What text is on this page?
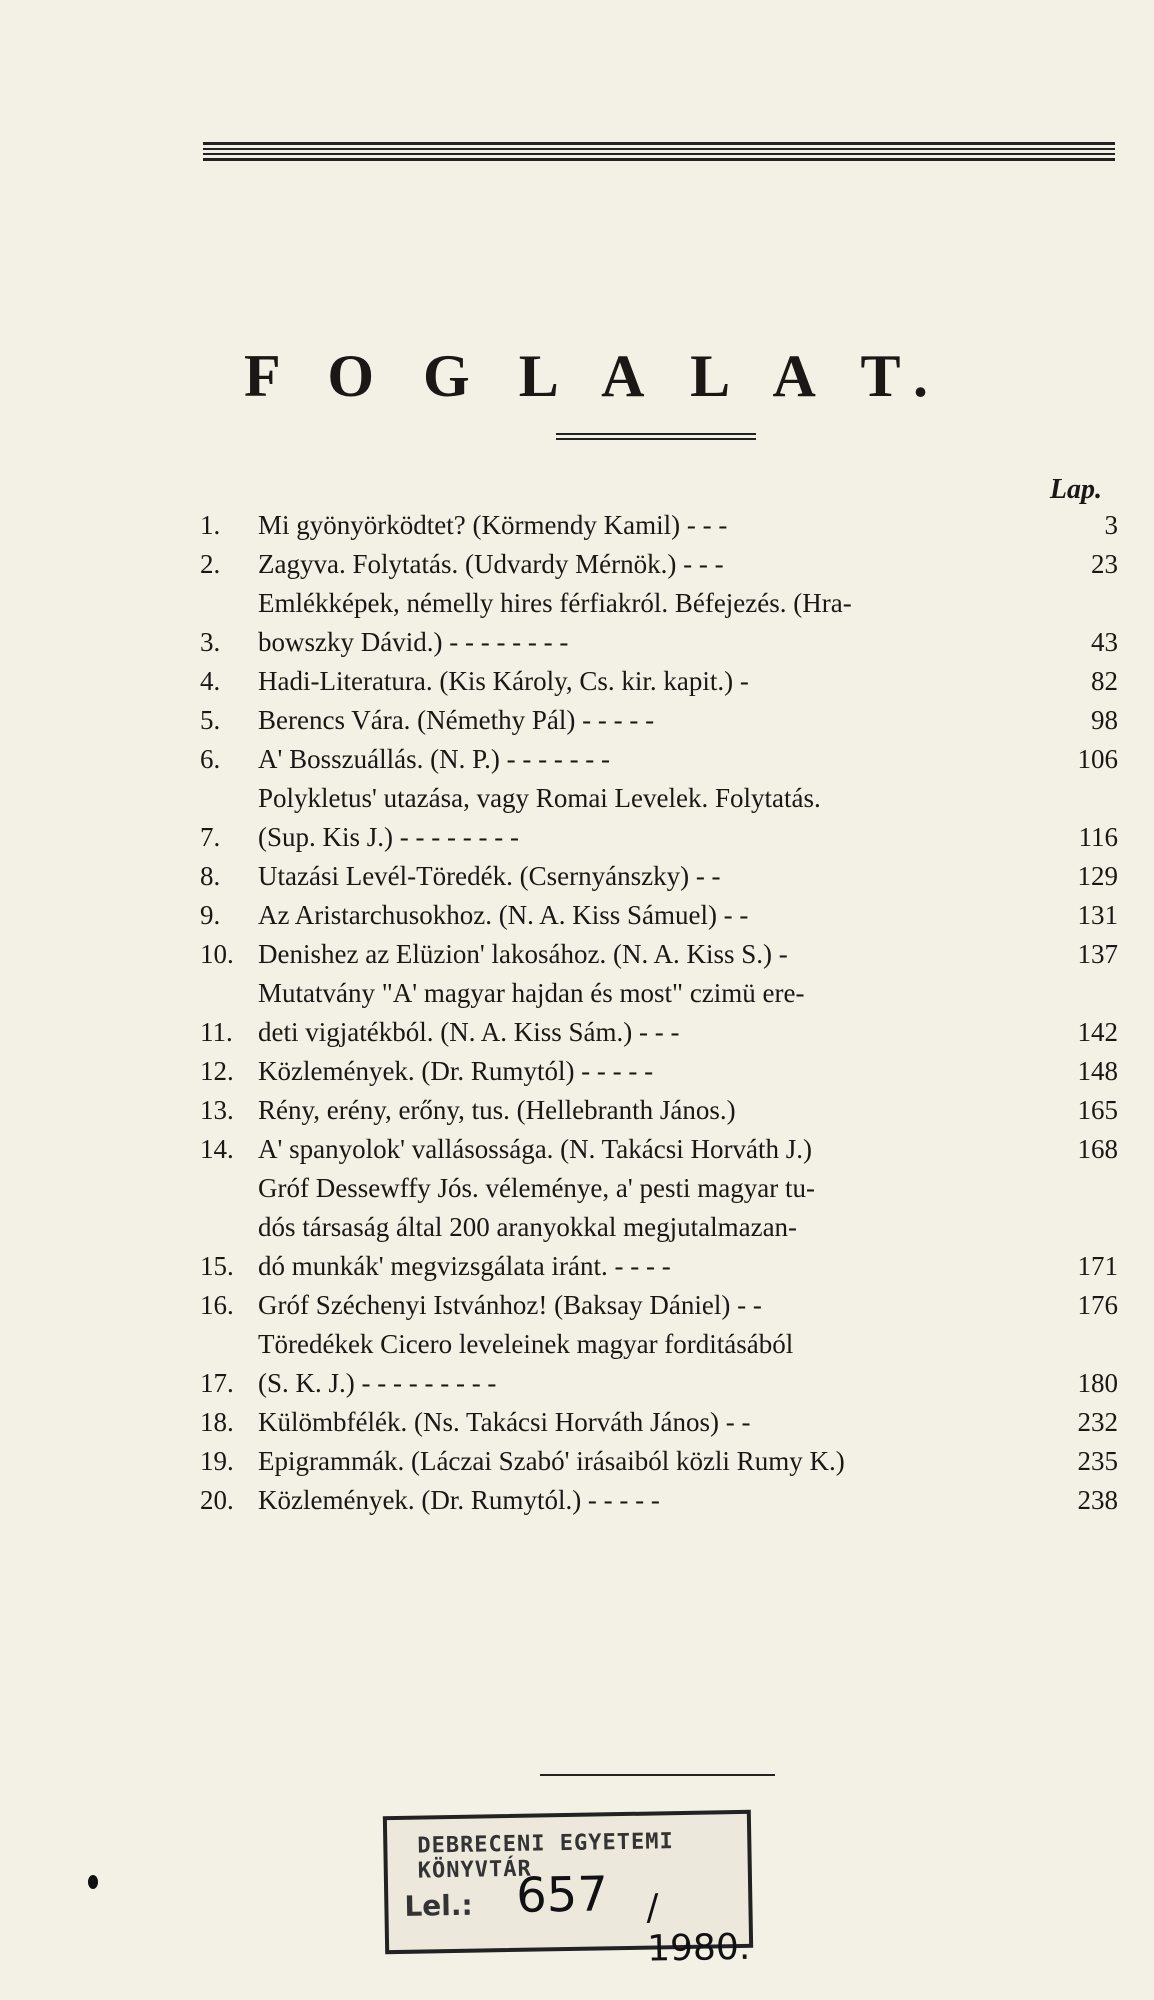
F O G L A L A T.
Lap.
1.	Mi gyönyörködtet? (Körmendy Kamil) - - -	3
2.	Zagyva. Folytatás. (Udvardy Mérnök.) - - -	23
3.
Emlékképek, némelly hires férfiakról. Béfejezés. (Hra-
bowszky Dávid.) - - - - - - - -	43
4.	Hadi-Literatura. (Kis Károly, Cs. kir. kapit.) -	82
5.	Berencs Vára. (Némethy Pál) - - - - -	98
6.	A' Bosszuállás. (N. P.) - - - - - - -	106
7.
Polykletus' utazása, vagy Romai Levelek. Folytatás.
(Sup. Kis J.) - - - - - - - -	116
8.	Utazási Levél-Töredék. (Csernyánszky) - -	129
9.	Az Aristarchusokhoz. (N. A. Kiss Sámuel) - -	131
10. Denishez az Elüzion' lakosához. (N. A. Kiss S.) -	137
11.
Mutatvány "A' magyar hajdan és most" czimü ere-
deti vigjatékból. (N. A. Kiss Sám.) - - -	142
12. Közlemények. (Dr. Rumytól) - - - - -	148
13. Rény, erény, erőny, tus. (Hellebranth János.)	165
14. A' spanyolok' vallásossága. (N. Takácsi Horváth J.)	168
15.
Gróf Dessewffy Jós. véleménye, a' pesti magyar tu-
dós társaság által 200 aranyokkal megjutalmazan-
dó munkák' megvizsgálata iránt. - - - -	171
16. Gróf Széchenyi Istvánhoz! (Baksay Dániel) - -	176
17.
Töredékek Cicero leveleinek magyar forditásából
(S. K. J.) - - - - - - - - -	180
18. Külömbfélék. (Ns. Takácsi Horváth János) - -	232
19. Epigrammák. (Láczai Szabó' irásaiból közli Rumy K.)	235
20. Közlemények. (Dr. Rumytól.) - - - - -	238
DEBRECENI EGYETEMI KÖNYVTÁR
Lel.: 657 / 1980.
